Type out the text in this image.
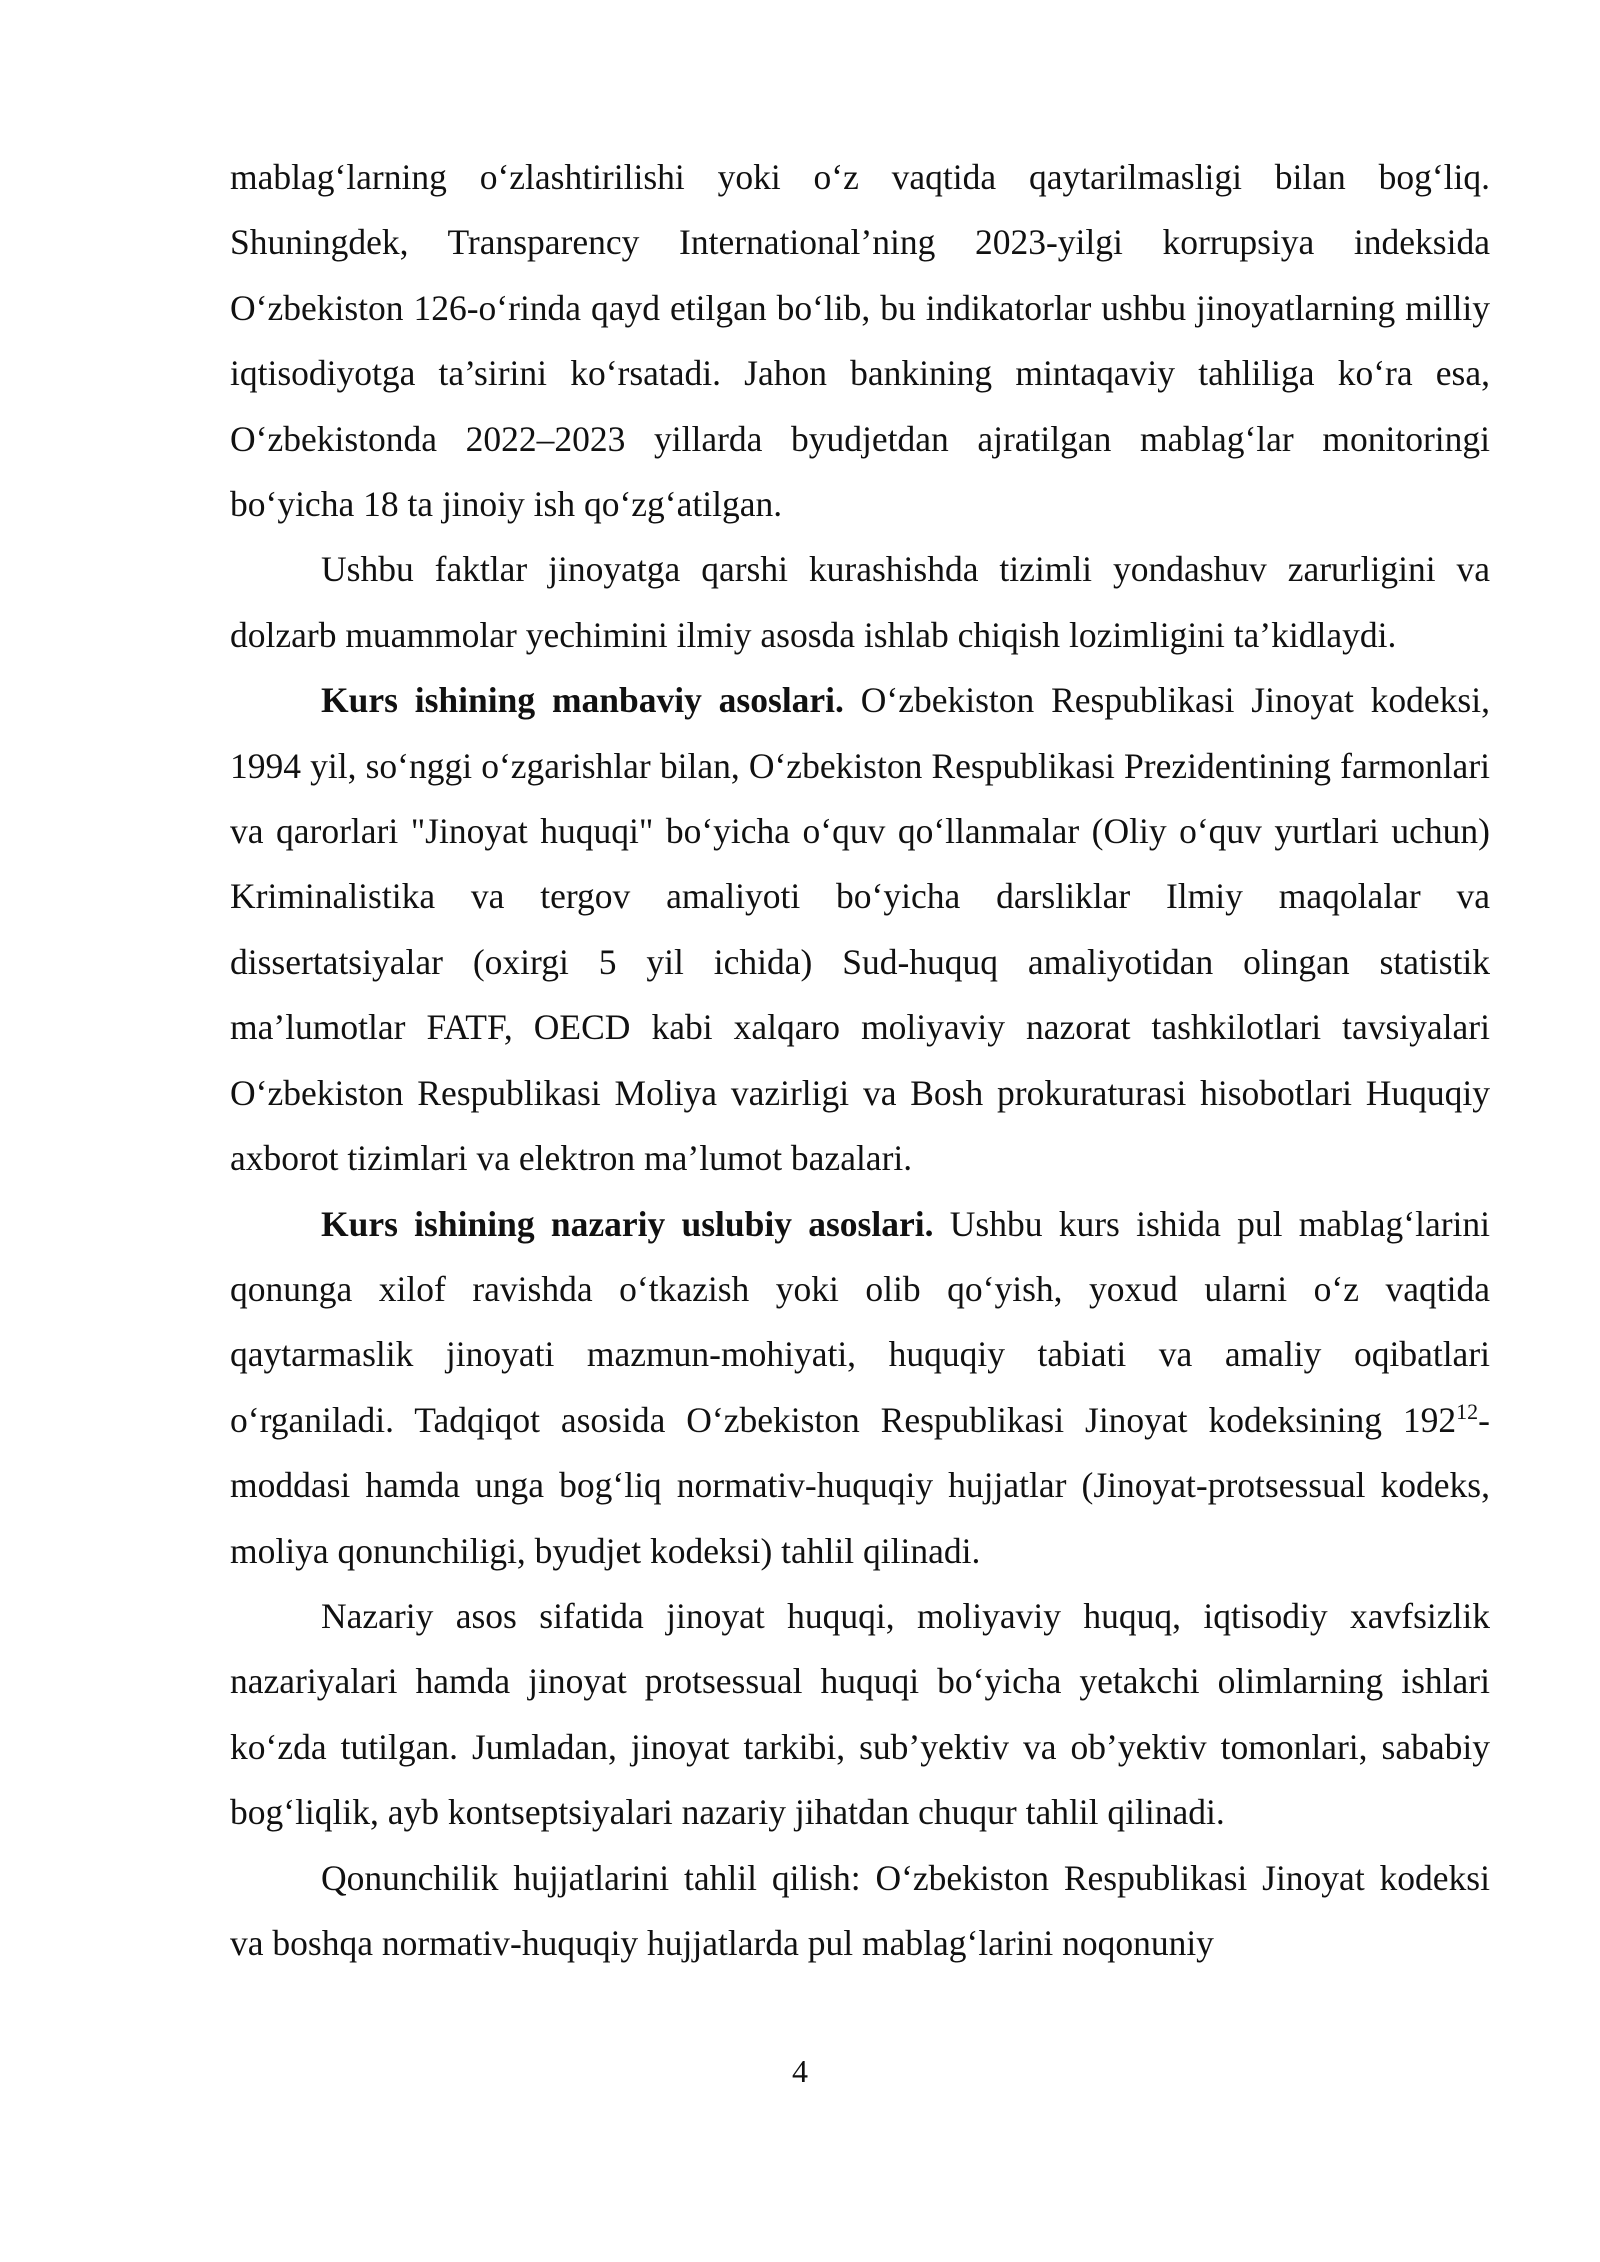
mablag‘larning o‘zlashtirilishi yoki o‘z vaqtida qaytarilmasligi bilan bog‘liq. Shuningdek, Transparency International’ning 2023-yilgi korrupsiya indeksida O‘zbekiston 126-o‘rinda qayd etilgan bo‘lib, bu indikatorlar ushbu jinoyatlarning milliy iqtisodiyotga ta’sirini ko‘rsatadi. Jahon bankining mintaqaviy tahliliga ko‘ra esa, O‘zbekistonda 2022–2023 yillarda byudjetdan ajratilgan mablag‘lar monitoringi bo‘yicha 18 ta jinoiy ish qo‘zg‘atilgan.

Ushbu faktlar jinoyatga qarshi kurashishda tizimli yondashuv zarurligini va dolzarb muammolar yechimini ilmiy asosda ishlab chiqish lozimligini ta’kidlaydi.

Kurs ishining manbaviy asoslari. O‘zbekiston Respublikasi Jinoyat kodeksi, 1994 yil, so‘nggi o‘zgarishlar bilan, O‘zbekiston Respublikasi Prezidentining farmonlari va qarorlari "Jinoyat huquqi" bo‘yicha o‘quv qo‘llanmalar (Oliy o‘quv yurtlari uchun) Kriminalistika va tergov amaliyoti bo‘yicha darsliklar Ilmiy maqolalar va dissertatsiyalar (oxirgi 5 yil ichida) Sud-huquq amaliyotidan olingan statistik ma’lumotlar FATF, OECD kabi xalqaro moliyaviy nazorat tashkilotlari tavsiyalari O‘zbekiston Respublikasi Moliya vazirligi va Bosh prokuraturasi hisobotlari Huquqiy axborot tizimlari va elektron ma’lumot bazalari.

Kurs ishining nazariy uslubiy asoslari. Ushbu kurs ishida pul mablag‘larini qonunga xilof ravishda o‘tkazish yoki olib qo‘yish, yoxud ularni o‘z vaqtida qaytarmaslik jinoyati mazmun-mohiyati, huquqiy tabiati va amaliy oqibatlari o‘rganiladi. Tadqiqot asosida O‘zbekiston Respublikasi Jinoyat kodeksining $192^{12}$-moddasi hamda unga bog‘liq normativ-huquqiy hujjatlar (Jinoyat-protsessual kodeks, moliya qonunchiligi, byudjet kodeksi) tahlil qilinadi.

Nazariy asos sifatida jinoyat huquqi, moliyaviy huquq, iqtisodiy xavfsizlik nazariyalari hamda jinoyat protsessual huquqi bo‘yicha yetakchi olimlarning ishlari ko‘zda tutilgan. Jumladan, jinoyat tarkibi, sub’yektiv va ob’yektiv tomonlari, sababiy bog‘liqlik, ayb kontseptsiyalari nazariy jihatdan chuqur tahlil qilinadi.

Qonunchilik hujjatlarini tahlil qilish: O‘zbekiston Respublikasi Jinoyat kodeksi va boshqa normativ-huquqiy hujjatlarda pul mablag‘larini noqonuniy

4
